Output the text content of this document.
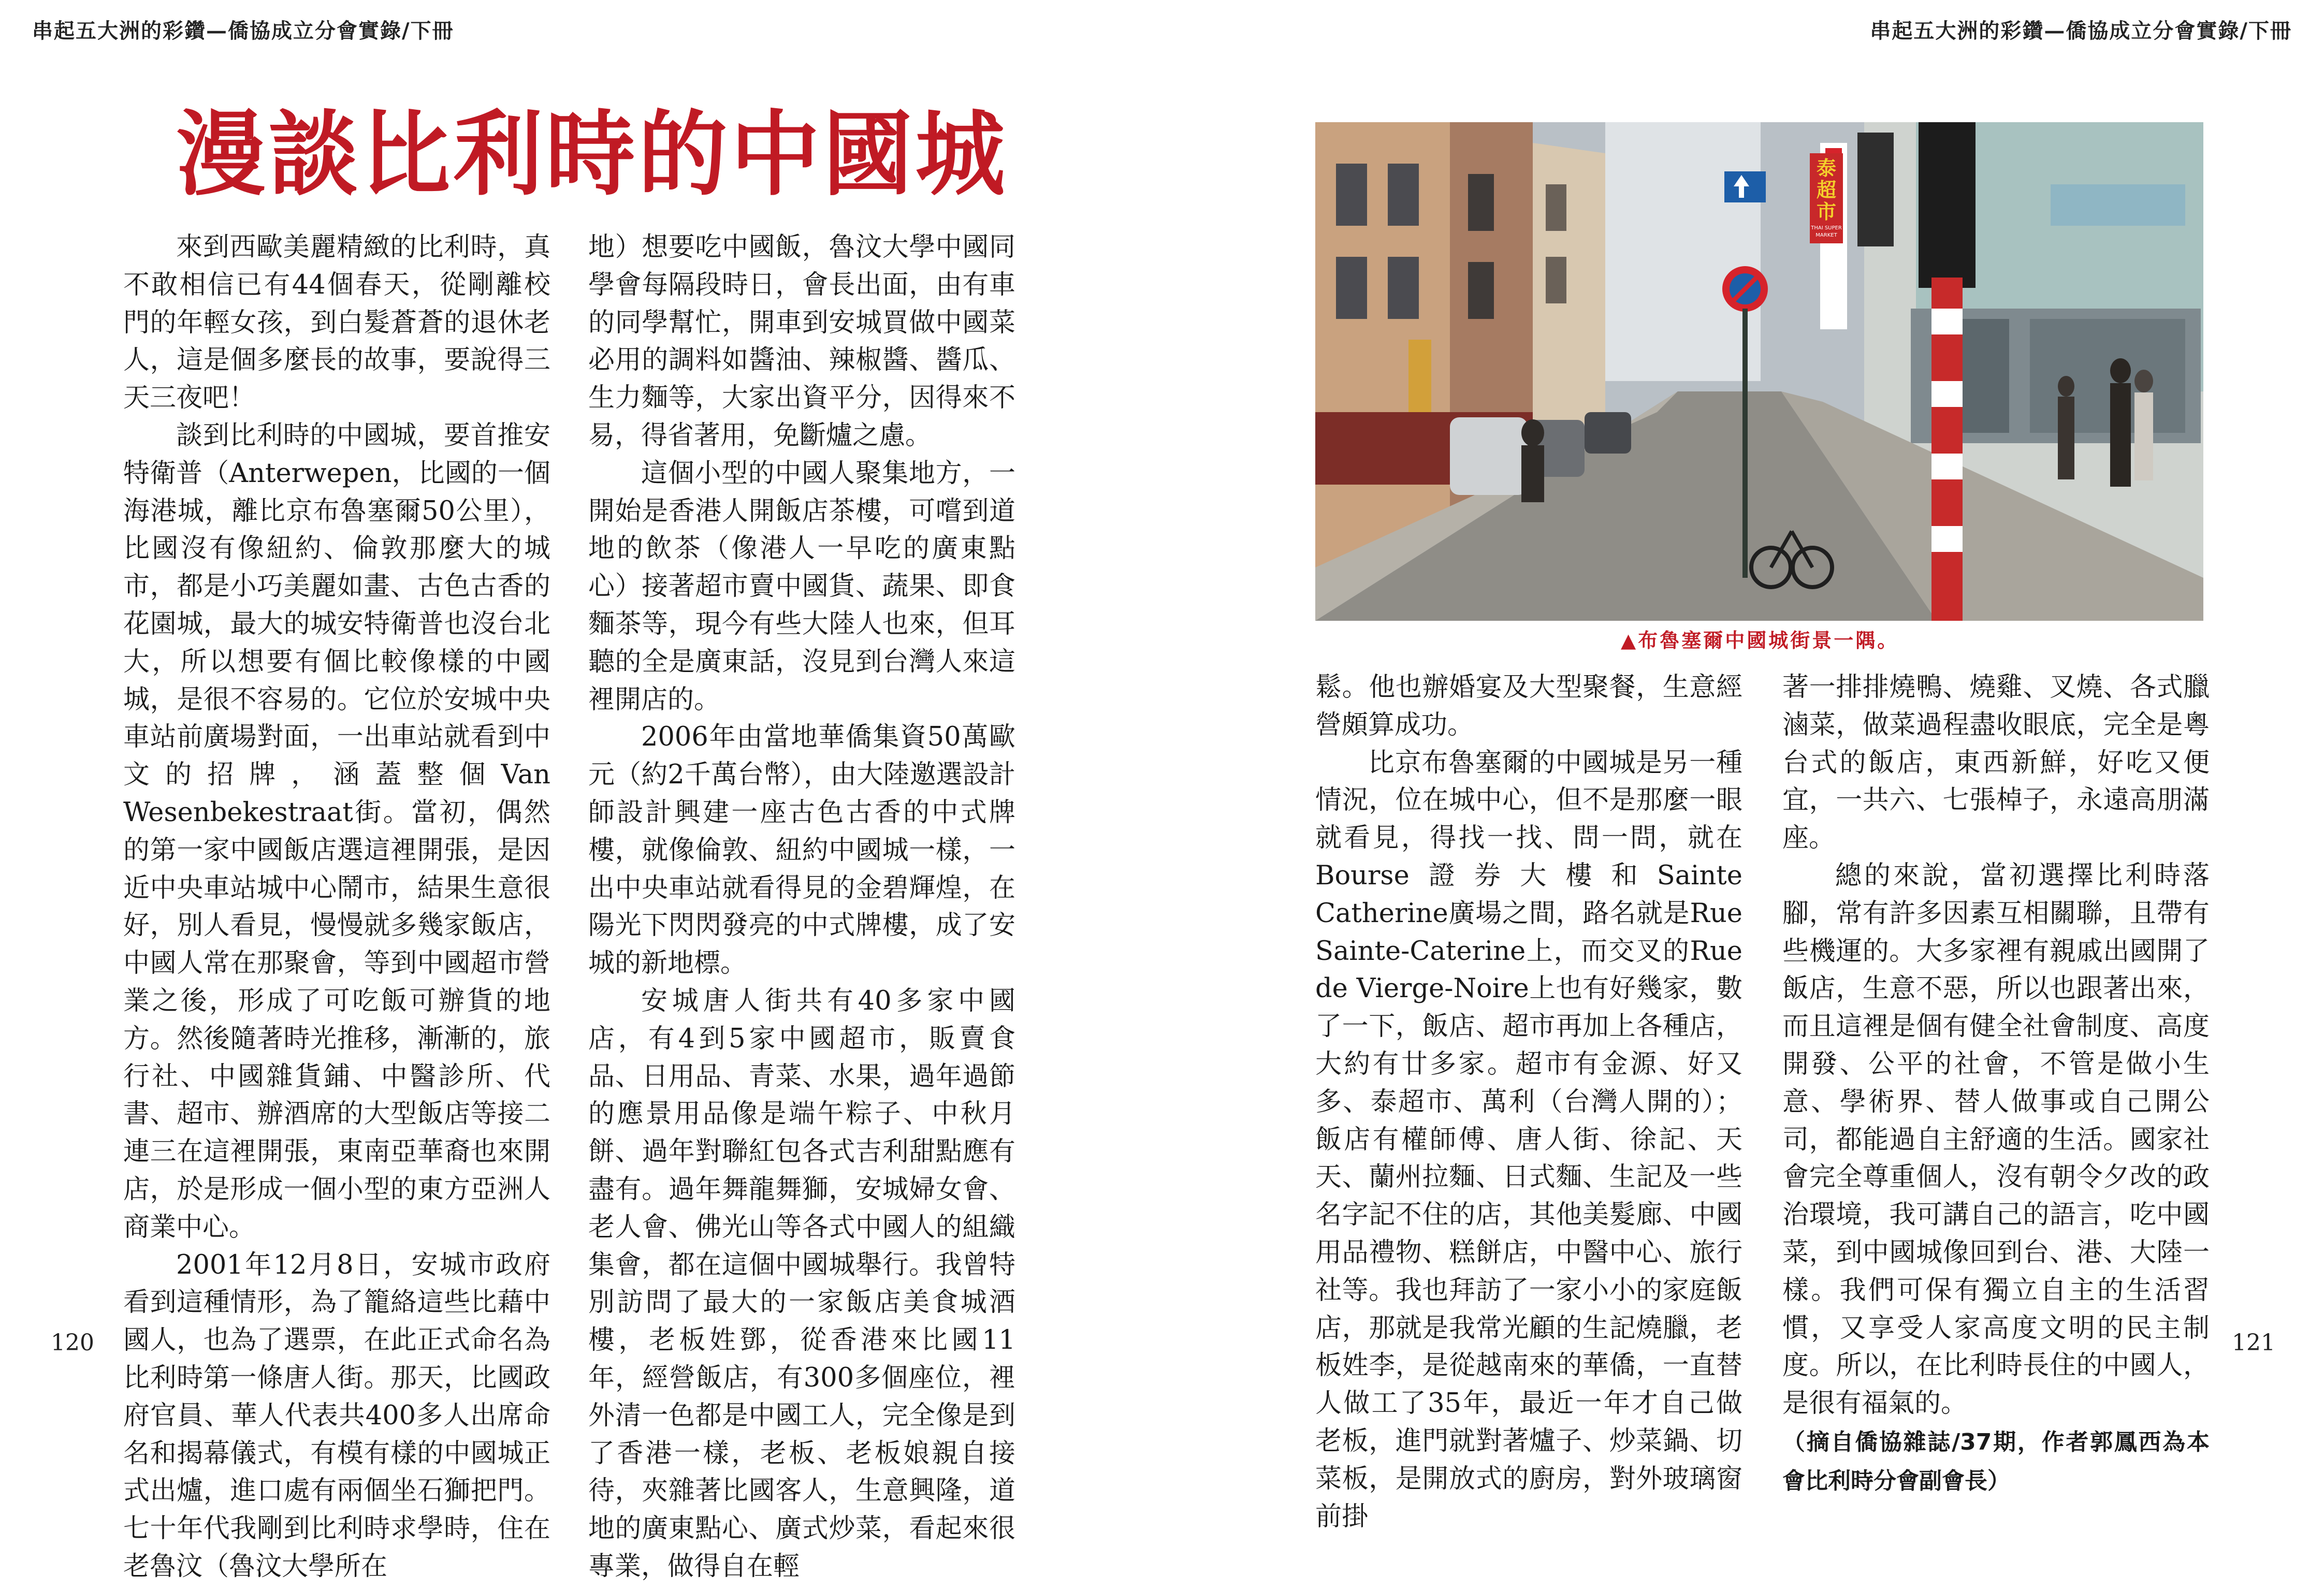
串起五大洲的彩鑽—僑協成立分會實錄/下冊	串起五大洲的彩鑽—僑協成立分會實錄/下冊
漫談比利時的中國城

來到西歐美麗精緻的比利時，真不敢相信已有44個春天，從剛離校門的年輕女孩，到白髮蒼蒼的退休老人，這是個多麼長的故事，要說得三天三夜吧！

談到比利時的中國城，要首推安特衛普（Anterwepen，比國的一個海港城，離比京布魯塞爾50公里），比國沒有像紐約、倫敦那麼大的城市，都是小巧美麗如畫、古色古香的花園城，最大的城安特衛普也沒台北大，所以想要有個比較像樣的中國城，是很不容易的。它位於安城中央車站前廣場對面，一出車站就看到中文的招牌，涵蓋整個Van Wesenbekestraat街。當初，偶然的第一家中國飯店選這裡開張，是因近中央車站城中心鬧市，結果生意很好，別人看見，慢慢就多幾家飯店，中國人常在那聚會，等到中國超市營業之後，形成了可吃飯可辦貨的地方。然後隨著時光推移，漸漸的，旅行社、中國雜貨鋪、中醫診所、代書、超市、辦酒席的大型飯店等接二連三在這裡開張，東南亞華裔也來開店，於是形成一個小型的東方亞洲人商業中心。

2001年12月8日，安城市政府看到這種情形，為了籠絡這些比藉中國人，也為了選票，在此正式命名為比利時第一條唐人街。那天，比國政府官員、華人代表共400多人出席命名和揭幕儀式，有模有樣的中國城正式出爐，進口處有兩個坐石獅把門。七十年代我剛到比利時求學時，住在老魯汶（魯汶大學所在

地）想要吃中國飯，魯汶大學中國同學會每隔段時日，會長出面，由有車的同學幫忙，開車到安城買做中國菜必用的調料如醬油、辣椒醬、醬瓜、生力麵等，大家出資平分，因得來不易，得省著用，免斷爐之慮。

這個小型的中國人聚集地方，一開始是香港人開飯店茶樓，可嚐到道地的飲茶（像港人一早吃的廣東點心）接著超市賣中國貨、蔬果、即食麵茶等，現今有些大陸人也來，但耳聽的全是廣東話，沒見到台灣人來這裡開店的。

2006年由當地華僑集資50萬歐元（約2千萬台幣），由大陸邀選設計師設計興建一座古色古香的中式牌樓，就像倫敦、紐約中國城一樣，一出中央車站就看得見的金碧輝煌，在陽光下閃閃發亮的中式牌樓，成了安城的新地標。

安城唐人街共有40多家中國店，有4到5家中國超市，販賣食品、日用品、青菜、水果，過年過節的應景用品像是端午粽子、中秋月餅、過年對聯紅包各式吉利甜點應有盡有。過年舞龍舞獅，安城婦女會、老人會、佛光山等各式中國人的組織集會，都在這個中國城舉行。我曾特別訪問了最大的一家飯店美食城酒樓，老板姓鄧，從香港來比國11年，經營飯店，有300多個座位，裡外清一色都是中國工人，完全像是到了香港一樣，老板、老板娘親自接待，夾雜著比國客人，生意興隆，道地的廣東點心、廣式炒菜，看起來很專業，做得自在輕

泰超市
THAI SUPER MARKET
▲布魯塞爾中國城街景一隅。

鬆。他也辦婚宴及大型聚餐，生意經營頗算成功。

比京布魯塞爾的中國城是另一種情況，位在城中心，但不是那麼一眼就看見，得找一找、問一問，就在Bourse證券大樓和Sainte Catherine廣場之間，路名就是Rue Sainte-Caterine上，而交叉的Rue de Vierge-Noire上也有好幾家，數了一下，飯店、超市再加上各種店，大約有廿多家。超市有金源、好又多、泰超市、萬利（台灣人開的）；飯店有權師傅、唐人街、徐記、天天、蘭州拉麵、日式麵、生記及一些名字記不住的店，其他美髮廊、中國用品禮物、糕餅店，中醫中心、旅行社等。我也拜訪了一家小小的家庭飯店，那就是我常光顧的生記燒臘，老板姓李，是從越南來的華僑，一直替人做工了35年，最近一年才自己做老板，進門就對著爐子、炒菜鍋、切菜板，是開放式的廚房，對外玻璃窗前掛

著一排排燒鴨、燒雞、叉燒、各式臘滷菜，做菜過程盡收眼底，完全是粵台式的飯店，東西新鮮，好吃又便宜，一共六、七張棹子，永遠高朋滿座。

總的來說，當初選擇比利時落腳，常有許多因素互相關聯，且帶有些機運的。大多家裡有親戚出國開了飯店，生意不惡，所以也跟著出來，而且這裡是個有健全社會制度、高度開發、公平的社會，不管是做小生意、學術界、替人做事或自己開公司，都能過自主舒適的生活。國家社會完全尊重個人，沒有朝令夕改的政治環境，我可講自己的語言，吃中國菜，到中國城像回到台、港、大陸一樣。我們可保有獨立自主的生活習慣，又享受人家高度文明的民主制度。所以，在比利時長住的中國人，是很有福氣的。

（摘自僑協雜誌/37期，作者郭鳳西為本會比利時分會副會長）

120	121
